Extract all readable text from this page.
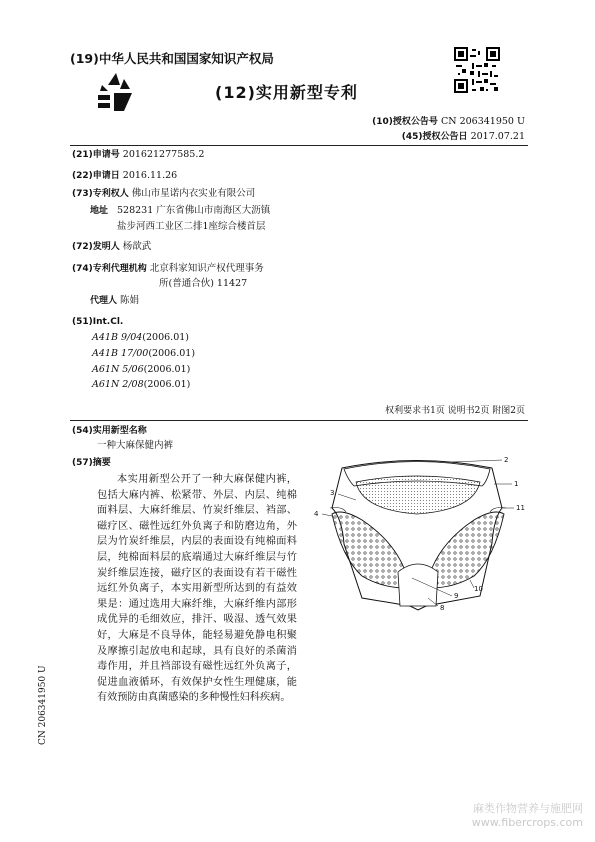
(19)中华人民共和国国家知识产权局
(12)实用新型专利
(10)授权公告号 CN 206341950 U
(45)授权公告日 2017.07.21
(21)申请号 201621277585.2
(22)申请日 2016.11.26
(73)专利权人 佛山市星诺内衣实业有限公司
地址 528231 广东省佛山市南海区大沥镇
盐步河西工业区二排1座综合楼首层
(72)发明人 杨歆武
(74)专利代理机构 北京科家知识产权代理事务
所(普通合伙) 11427
代理人 陈娟
(51)Int.Cl.
A41B 9/04(2006.01)
A41B 17/00(2006.01)
A61N 5/06(2006.01)
A61N 2/08(2006.01)
权利要求书1页 说明书2页 附图2页
(54)实用新型名称
一种大麻保健内裤
(57)摘要
本实用新型公开了一种大麻保健内裤，包括大麻内裤、松紧带、外层、内层、纯棉面料层、大麻纤维层、竹炭纤维层、裆部、磁疗区、磁性远红外负离子和防磨边角，外层为竹炭纤维层，内层的表面设有纯棉面料层，纯棉面料层的底端通过大麻纤维层与竹炭纤维层连接，磁疗区的表面设有若干磁性远红外负离子，本实用新型所达到的有益效果是：通过选用大麻纤维，大麻纤维内部形成优异的毛细效应，排汗、吸湿、透气效果好，大麻是不良导体，能轻易避免静电积聚及摩擦引起放电和起球，具有良好的杀菌消毒作用，并且裆部设有磁性远红外负离子，促进血液循环，有效保护女性生理健康，能有效预防由真菌感染的多种慢性妇科疾病。
2
1
3
11
4
9
10
8
CN 206341950 U
麻类作物营养与施肥网
www.fibercrops.com
